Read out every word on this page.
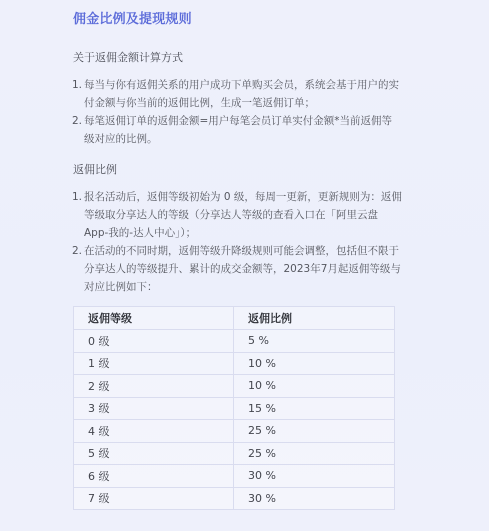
佣金比例及提现规则
关于返佣金额计算方式
1. 每当与你有返佣关系的用户成功下单购买会员，系统会基于用户的实付金额与你当前的返佣比例，生成一笔返佣订单；
2. 每笔返佣订单的返佣金额=用户每笔会员订单实付金额*当前返佣等级对应的比例。
返佣比例
1. 报名活动后，返佣等级初始为 0 级，每周一更新，更新规则为：返佣等级取分享达人的等级（分享达人等级的查看入口在「阿里云盘App-我的-达人中心」）；
2. 在活动的不同时期，返佣等级升降级规则可能会调整，包括但不限于分享达人的等级提升、累计的成交金额等，2023年7月起返佣等级与对应比例如下：
返佣等级	返佣比例
0 级	5 %
1 级	10 %
2 级	10 %
3 级	15 %
4 级	25 %
5 级	25 %
6 级	30 %
7 级	30 %
